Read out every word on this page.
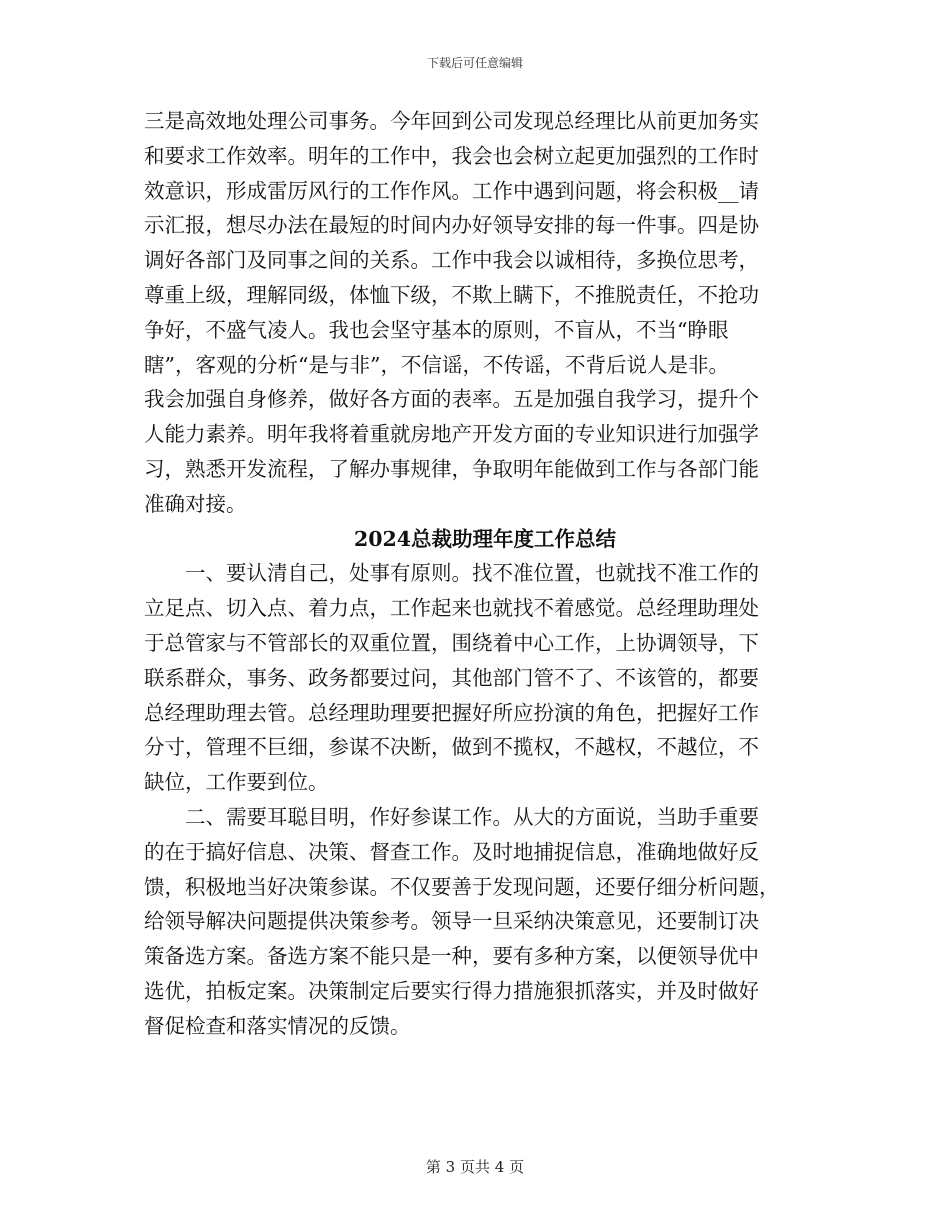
下载后可任意编辑
三是高效地处理公司事务。今年回到公司发现总经理比从前更加务实
和要求工作效率。明年的工作中，我会也会树立起更加强烈的工作时
效意识，形成雷厉风行的工作作风。工作中遇到问题，将会积极__请
示汇报，想尽办法在最短的时间内办好领导安排的每一件事。四是协
调好各部门及同事之间的关系。工作中我会以诚相待，多换位思考，
尊重上级，理解同级，体恤下级，不欺上瞒下，不推脱责任，不抢功
争好，不盛气凌人。我也会坚守基本的原则，不盲从，不当“睁眼
瞎”，客观的分析“是与非”，不信谣，不传谣，不背后说人是非。
我会加强自身修养，做好各方面的表率。五是加强自我学习，提升个
人能力素养。明年我将着重就房地产开发方面的专业知识进行加强学
习，熟悉开发流程，了解办事规律，争取明年能做到工作与各部门能
准确对接。
2024总裁助理年度工作总结
　　一、要认清自己，处事有原则。找不准位置，也就找不准工作的
立足点、切入点、着力点，工作起来也就找不着感觉。总经理助理处
于总管家与不管部长的双重位置，围绕着中心工作，上协调领导，下
联系群众，事务、政务都要过问，其他部门管不了、不该管的，都要
总经理助理去管。总经理助理要把握好所应扮演的角色，把握好工作
分寸，管理不巨细，参谋不决断，做到不揽权，不越权，不越位，不
缺位，工作要到位。
　　二、需要耳聪目明，作好参谋工作。从大的方面说，当助手重要
的在于搞好信息、决策、督查工作。及时地捕捉信息，准确地做好反
馈，积极地当好决策参谋。不仅要善于发现问题，还要仔细分析问题，
给领导解决问题提供决策参考。领导一旦采纳决策意见，还要制订决
策备选方案。备选方案不能只是一种，要有多种方案，以便领导优中
选优，拍板定案。决策制定后要实行得力措施狠抓落实，并及时做好
督促检查和落实情况的反馈。
第 3 页共 4 页
